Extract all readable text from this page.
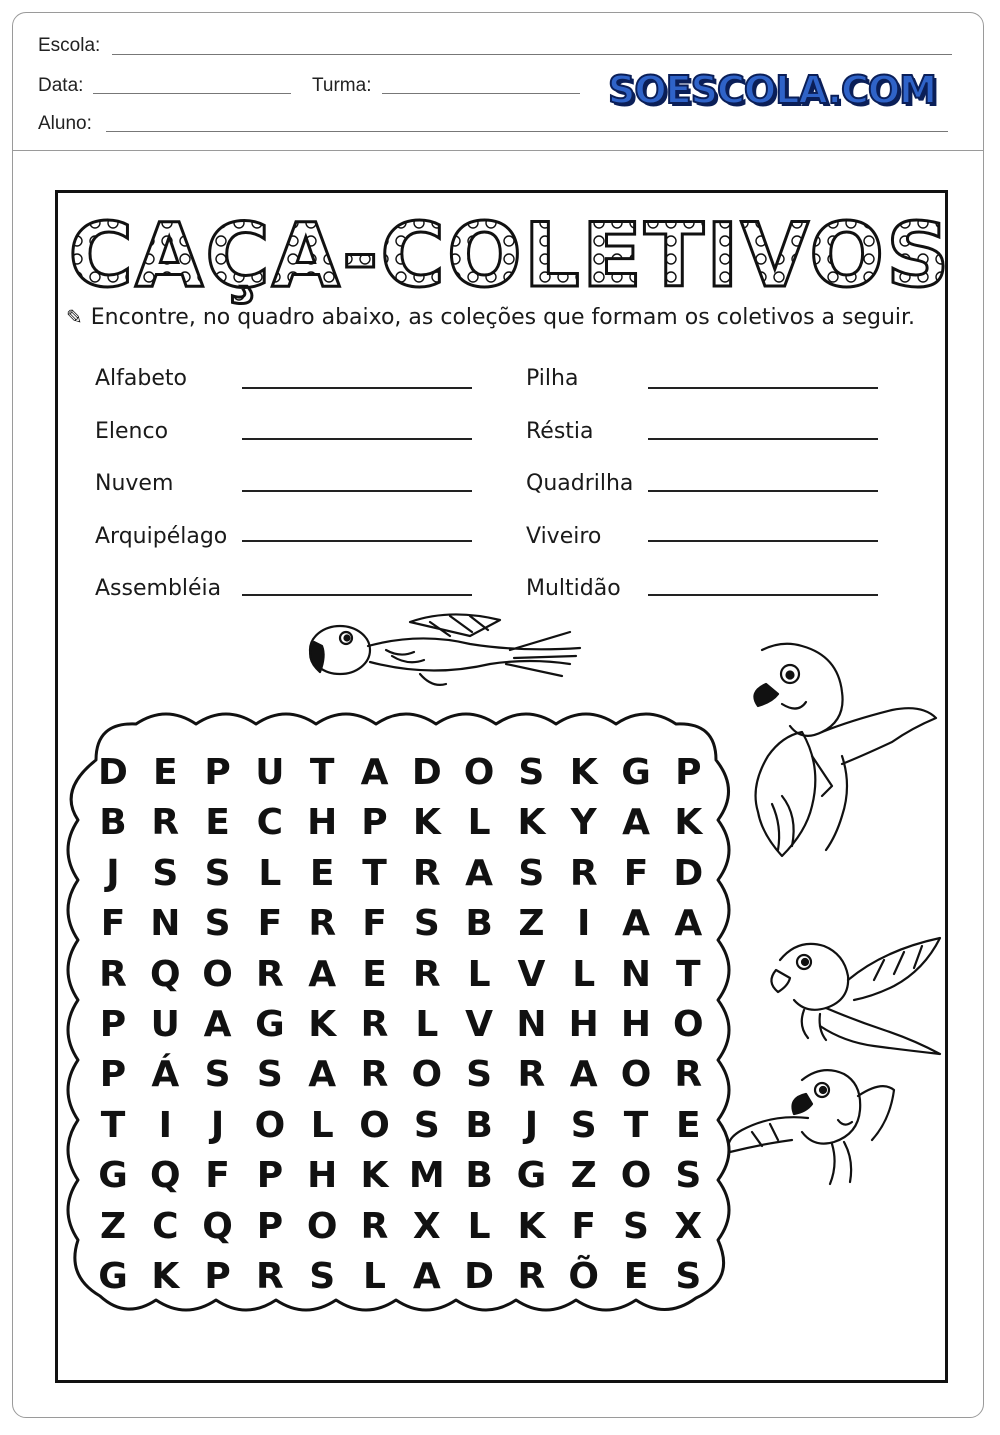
Escola:
Data:	Turma:
Aluno:
SOESCOLA.COM
CAÇA-COLETIVOS
✎ Encontre, no quadro abaixo, as coleções que formam os coletivos a seguir.
Alfabeto
Elenco
Nuvem
Arquipélago
Assembléia
Pilha
Réstia
Quadrilha
Viveiro
Multidão
D E P U T A D O S K G P
B R E C H P K L K Y A K
J S S L E T R A S R F D
F N S F R F S B Z I A A
R Q O R A E R L V L N T
P U A G K R L V N H H O
P Á S S A R O S R A O R
T I	J O L O S B J S T E
G Q F P H K M B G Z O S
Z C Q P O R X L K F S X
G K P R S L A D R Õ E S
